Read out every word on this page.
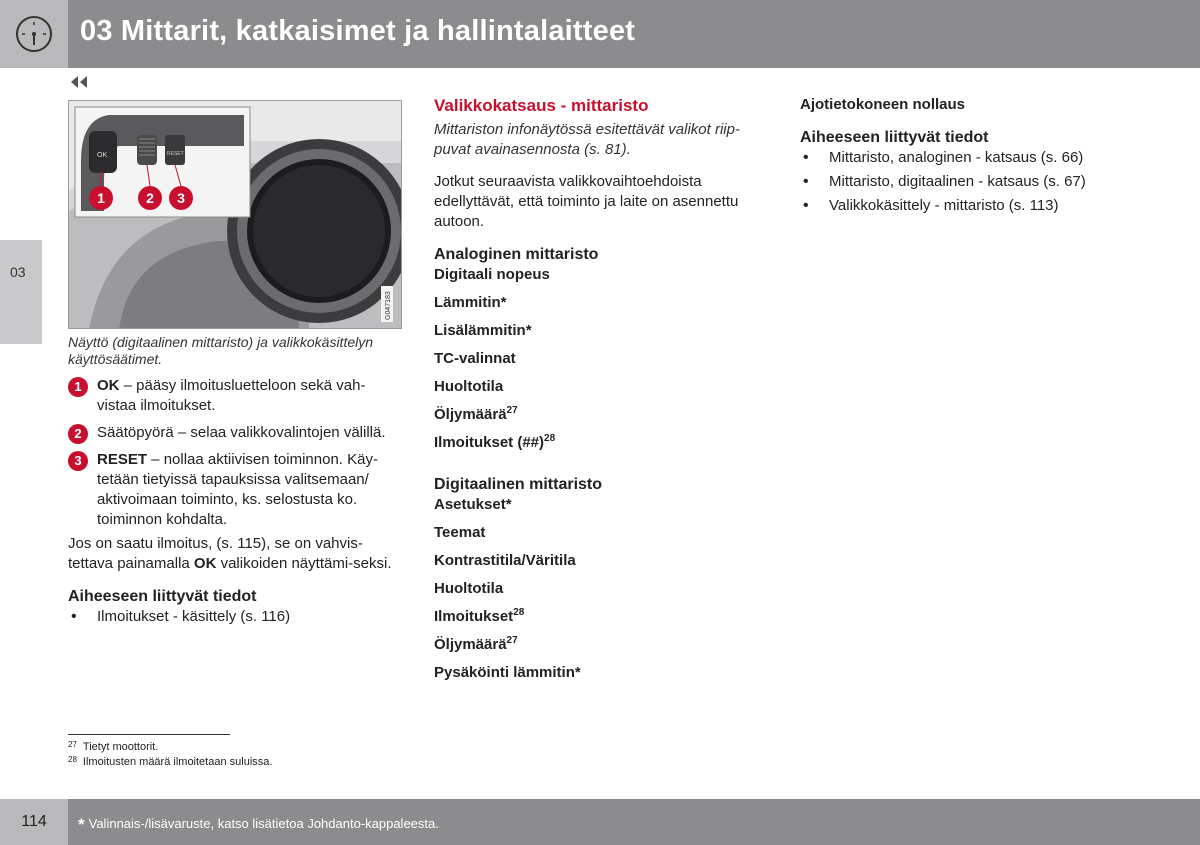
03 Mittarit, katkaisimet ja hallintalaitteet
03
OK	RESET
1	2 3
G047183
Näyttö (digitaalinen mittaristo) ja valikkokäsittelyn käyttösäätimet.
1	OK – pääsy ilmoitusluetteloon sekä vah-vistaa ilmoitukset.
2	Säätöpyörä – selaa valikkovalintojen välillä.
3	RESET – nollaa aktiivisen toiminnon. Käy-tetään tietyissä tapauksissa valitsemaan/ aktivoimaan toiminto, ks. selostusta ko. toiminnon kohdalta.
Jos on saatu ilmoitus, (s. 115), se on vahvis-tettava painamalla OK valikoiden näyttämi-seksi.
Aiheeseen liittyvät tiedot
• Ilmoitukset - käsittely (s. 116)
Valikkokatsaus - mittaristo
Mittariston infonäytössä esitettävät valikot riip-puvat avainasennosta (s. 81).
Jotkut seuraavista valikkovaihtoehdoista edellyttävät, että toiminto ja laite on asennettu autoon.
Analoginen mittaristo
Digitaali nopeus
Lämmitin*
Lisälämmitin*
TC-valinnat
Huoltotila
Öljymäärä$^{27}$
Ilmoitukset (##)$^{28}$
Digitaalinen mittaristo
Asetukset*
Teemat
Kontrastitila/Väritila
Huoltotila
Ilmoitukset$^{28}$
Öljymäärä$^{27}$
Pysäköinti lämmitin*
Ajotietokoneen nollaus
Aiheeseen liittyvät tiedot
• Mittaristo, analoginen - katsaus (s. 66)
• Mittaristo, digitaalinen - katsaus (s. 67)
• Valikkokäsittely - mittaristo (s. 113)
$^{27}$ Tietyt moottorit.
$^{28}$ Ilmoitusten määrä ilmoitetaan suluissa.
114	* Valinnais-/lisävaruste, katso lisätietoa Johdanto-kappaleesta.
